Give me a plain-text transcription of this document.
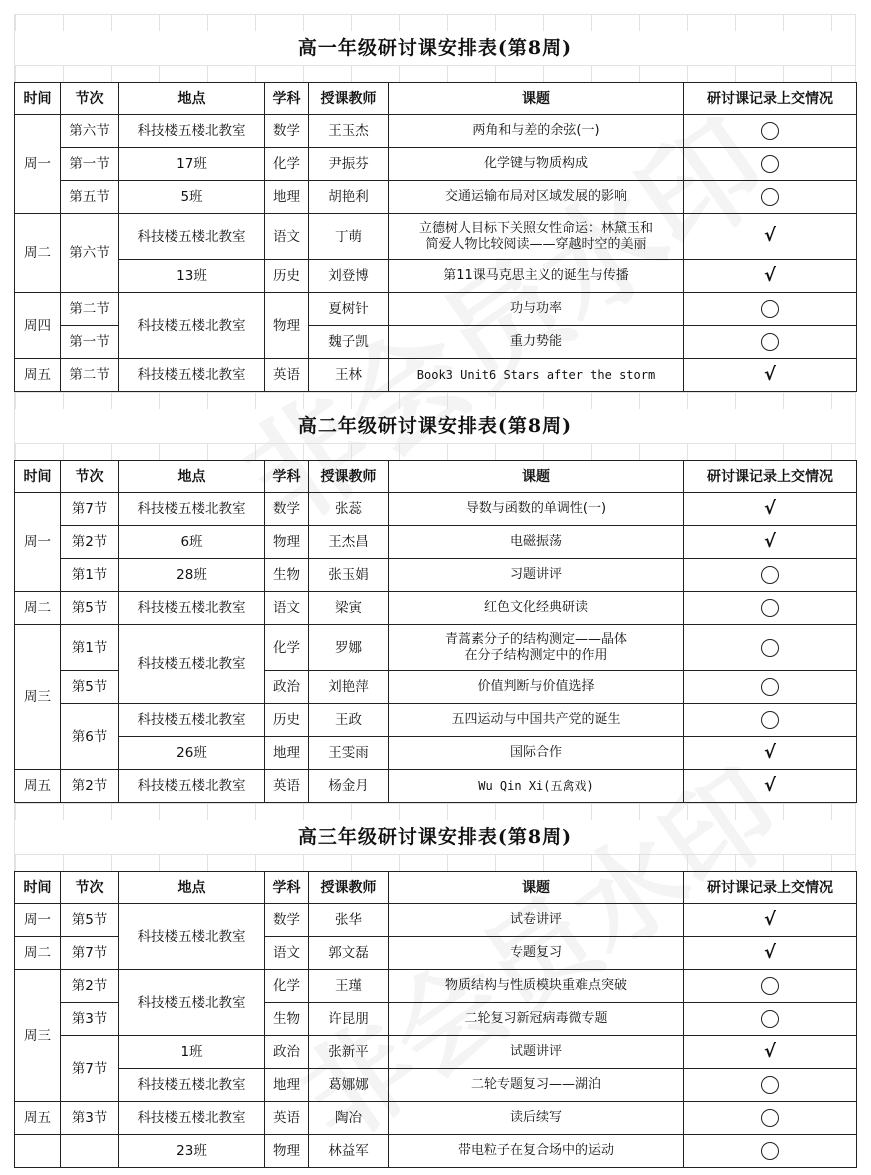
高一年级研讨课安排表(第8周)
时间	节次	地点	学科	授课教师	课题	研讨课记录上交情况
周一	第六节	科技楼五楼北教室	数学	王玉杰	两角和与差的余弦(一)	
	第一节	17班	化学	尹振芬	化学键与物质构成	
	第五节	5班	地理	胡艳利	交通运输布局对区域发展的影响	
周二	第六节	科技楼五楼北教室	语文	丁萌	立德树人目标下关照女性命运：林黛玉和
简爱人物比较阅读——穿越时空的美丽	√
		13班	历史	刘登博	第11课马克思主义的诞生与传播	√
周四	第二节	科技楼五楼北教室	物理	夏树针	功与功率	
	第一节			魏子凯	重力势能	
周五	第二节	科技楼五楼北教室	英语	王林	Book3 Unit6 Stars after the storm	√
高二年级研讨课安排表(第8周)
时间	节次	地点	学科	授课教师	课题	研讨课记录上交情况
周一	第7节	科技楼五楼北教室	数学	张蕊	导数与函数的单调性(一)	√
	第2节	6班	物理	王杰昌	电磁振荡	√
	第1节	28班	生物	张玉娟	习题讲评	
周二	第5节	科技楼五楼北教室	语文	梁寅	红色文化经典研读	
周三	第1节	科技楼五楼北教室	化学	罗娜	青蒿素分子的结构测定——晶体
在分子结构测定中的作用	
	第5节		政治	刘艳萍	价值判断与价值选择	
	第6节	科技楼五楼北教室	历史	王政	五四运动与中国共产党的诞生	
		26班	地理	王雯雨	国际合作	√
周五	第2节	科技楼五楼北教室	英语	杨金月	Wu Qin Xi(五禽戏)	√
高三年级研讨课安排表(第8周)
时间	节次	地点	学科	授课教师	课题	研讨课记录上交情况
周一	第5节	科技楼五楼北教室	数学	张华	试卷讲评	√
周二	第7节		语文	郭文磊	专题复习	√
周三	第2节	科技楼五楼北教室	化学	王瑾	物质结构与性质模块重难点突破	
	第3节		生物	许昆朋	二轮复习新冠病毒微专题	
	第7节	1班	政治	张新平	试题讲评	√
		科技楼五楼北教室	地理	葛娜娜	二轮专题复习——湖泊	
周五	第3节	科技楼五楼北教室	英语	陶冶	读后续写	
		23班	物理	林益军	带电粒子在复合场中的运动	
